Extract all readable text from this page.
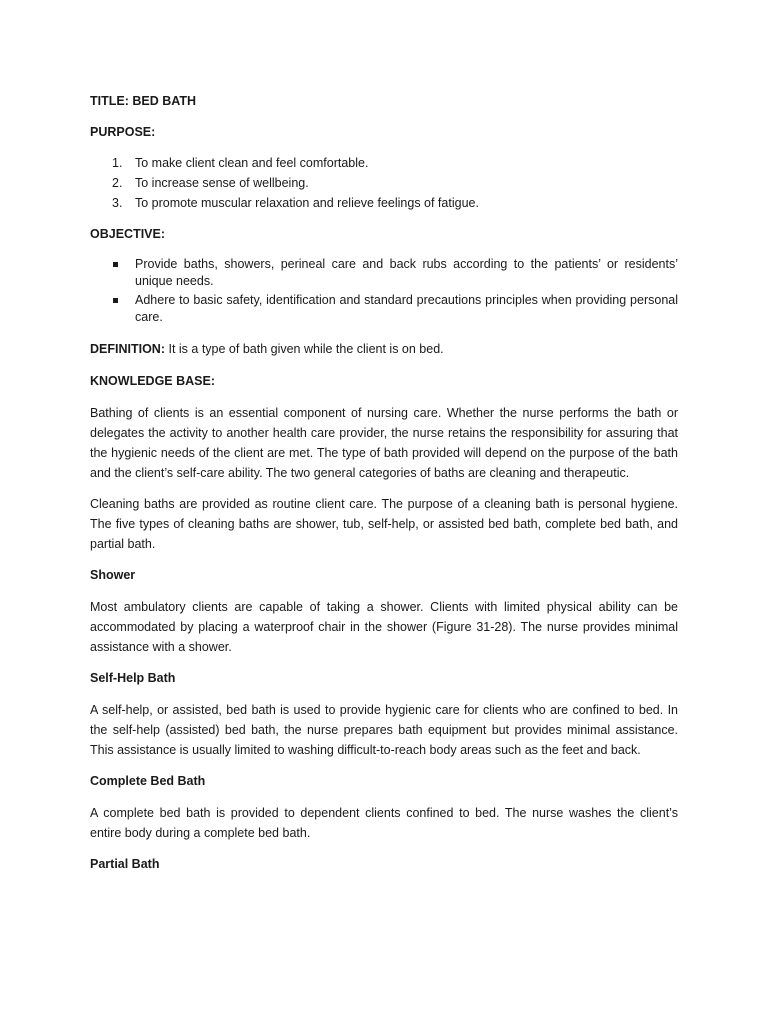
TITLE: BED BATH

PURPOSE:

1. To make client clean and feel comfortable.
2. To increase sense of wellbeing.
3. To promote muscular relaxation and relieve feelings of fatigue.

OBJECTIVE:

Provide baths, showers, perineal care and back rubs according to the patients’ or residents’ unique needs.
Adhere to basic safety, identification and standard precautions principles when providing personal care.

DEFINITION: It is a type of bath given while the client is on bed.

KNOWLEDGE BASE:

Bathing of clients is an essential component of nursing care. Whether the nurse performs the bath or delegates the activity to another health care provider, the nurse retains the responsibility for assuring that the hygienic needs of the client are met. The type of bath provided will depend on the purpose of the bath and the client’s self-care ability. The two general categories of baths are cleaning and therapeutic.

Cleaning baths are provided as routine client care. The purpose of a cleaning bath is personal hygiene. The five types of cleaning baths are shower, tub, self-help, or assisted bed bath, complete bed bath, and partial bath.

Shower

Most ambulatory clients are capable of taking a shower. Clients with limited physical ability can be accommodated by placing a waterproof chair in the shower (Figure 31-28). The nurse provides minimal assistance with a shower.

Self-Help Bath

A self-help, or assisted, bed bath is used to provide hygienic care for clients who are confined to bed. In the self-help (assisted) bed bath, the nurse prepares bath equipment but provides minimal assistance. This assistance is usually limited to washing difficult-to-reach body areas such as the feet and back.

Complete Bed Bath

A complete bed bath is provided to dependent clients confined to bed. The nurse washes the client’s entire body during a complete bed bath.

Partial Bath
